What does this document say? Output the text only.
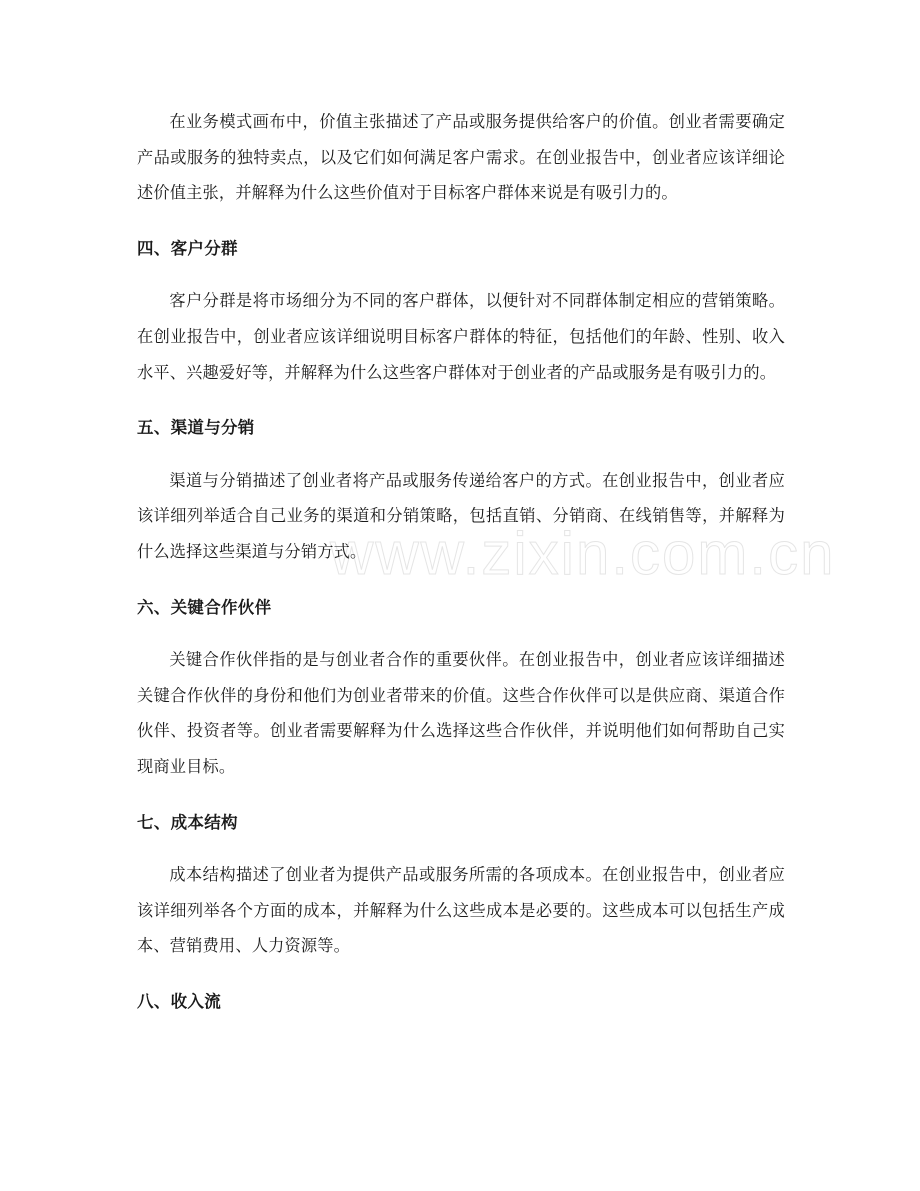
www.zixin.com.cn

在业务模式画布中，价值主张描述了产品或服务提供给客户的价值。创业者需要确定产品或服务的独特卖点，以及它们如何满足客户需求。在创业报告中，创业者应该详细论述价值主张，并解释为什么这些价值对于目标客户群体来说是有吸引力的。

四、客户分群

客户分群是将市场细分为不同的客户群体，以便针对不同群体制定相应的营销策略。在创业报告中，创业者应该详细说明目标客户群体的特征，包括他们的年龄、性别、收入水平、兴趣爱好等，并解释为什么这些客户群体对于创业者的产品或服务是有吸引力的。

五、渠道与分销

渠道与分销描述了创业者将产品或服务传递给客户的方式。在创业报告中，创业者应该详细列举适合自己业务的渠道和分销策略，包括直销、分销商、在线销售等，并解释为什么选择这些渠道与分销方式。

六、关键合作伙伴

关键合作伙伴指的是与创业者合作的重要伙伴。在创业报告中，创业者应该详细描述关键合作伙伴的身份和他们为创业者带来的价值。这些合作伙伴可以是供应商、渠道合作伙伴、投资者等。创业者需要解释为什么选择这些合作伙伴，并说明他们如何帮助自己实现商业目标。

七、成本结构

成本结构描述了创业者为提供产品或服务所需的各项成本。在创业报告中，创业者应该详细列举各个方面的成本，并解释为什么这些成本是必要的。这些成本可以包括生产成本、营销费用、人力资源等。

八、收入流
